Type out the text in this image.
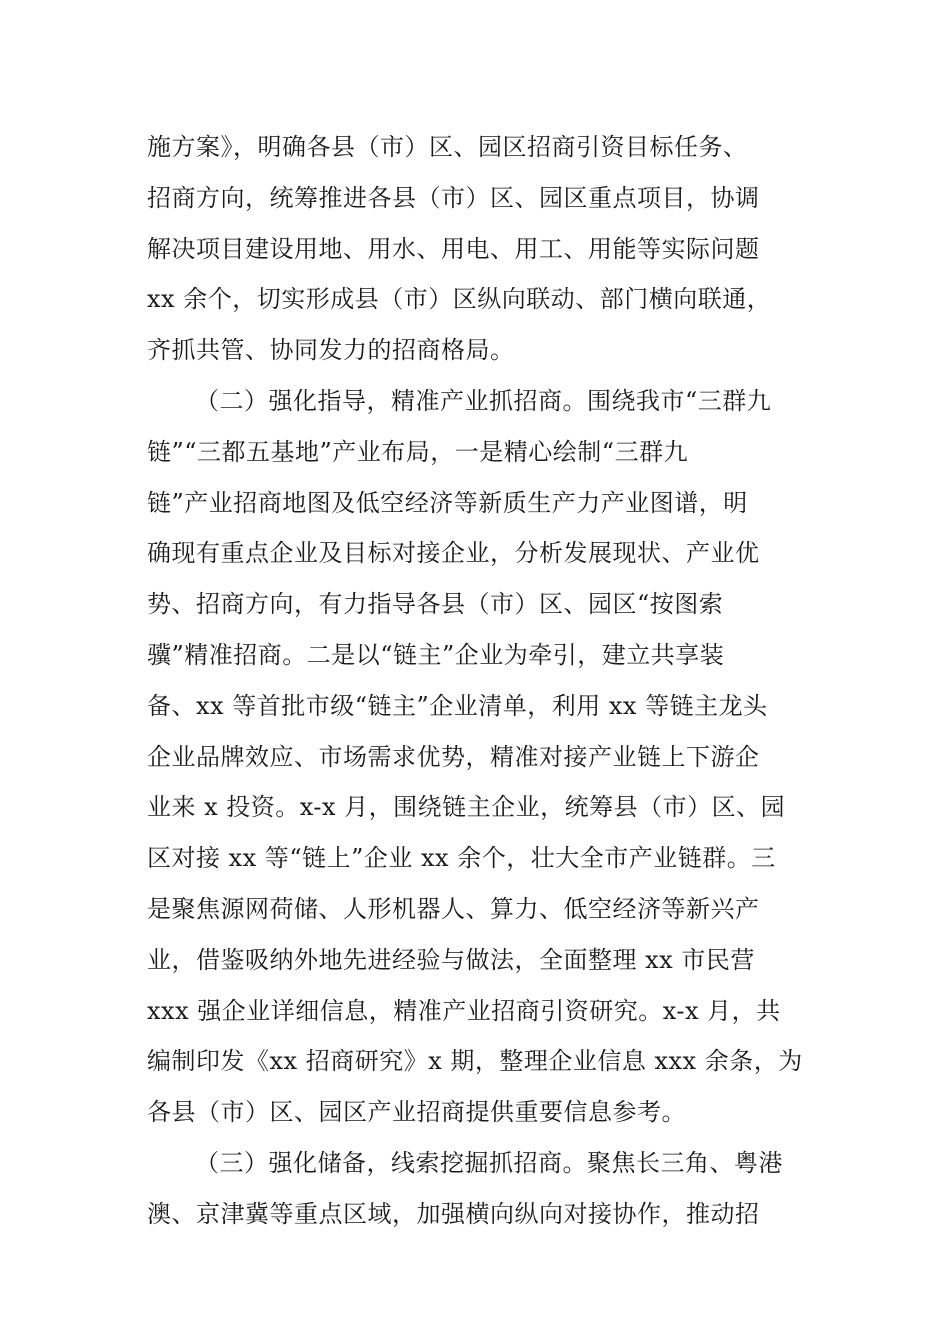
施方案》，明确各县（市）区、园区招商引资目标任务、
招商方向，统筹推进各县（市）区、园区重点项目，协调
解决项目建设用地、用水、用电、用工、用能等实际问题
xx 余个，切实形成县（市）区纵向联动、部门横向联通，
齐抓共管、协同发力的招商格局。
（二）强化指导，精准产业抓招商。围绕我市“三群九
链”“三都五基地”产业布局，一是精心绘制“三群九
链”产业招商地图及低空经济等新质生产力产业图谱，明
确现有重点企业及目标对接企业，分析发展现状、产业优
势、招商方向，有力指导各县（市）区、园区“按图索
骥”精准招商。二是以“链主”企业为牵引，建立共享装
备、xx 等首批市级“链主”企业清单，利用 xx 等链主龙头
企业品牌效应、市场需求优势，精准对接产业链上下游企
业来 x 投资。x-x 月，围绕链主企业，统筹县（市）区、园
区对接 xx 等“链上”企业 xx 余个，壮大全市产业链群。三
是聚焦源网荷储、人形机器人、算力、低空经济等新兴产
业，借鉴吸纳外地先进经验与做法，全面整理 xx 市民营
xxx 强企业详细信息，精准产业招商引资研究。x-x 月，共
编制印发《xx 招商研究》x 期，整理企业信息 xxx 余条，为
各县（市）区、园区产业招商提供重要信息参考。
（三）强化储备，线索挖掘抓招商。聚焦长三角、粤港
澳、京津冀等重点区域，加强横向纵向对接协作，推动招
